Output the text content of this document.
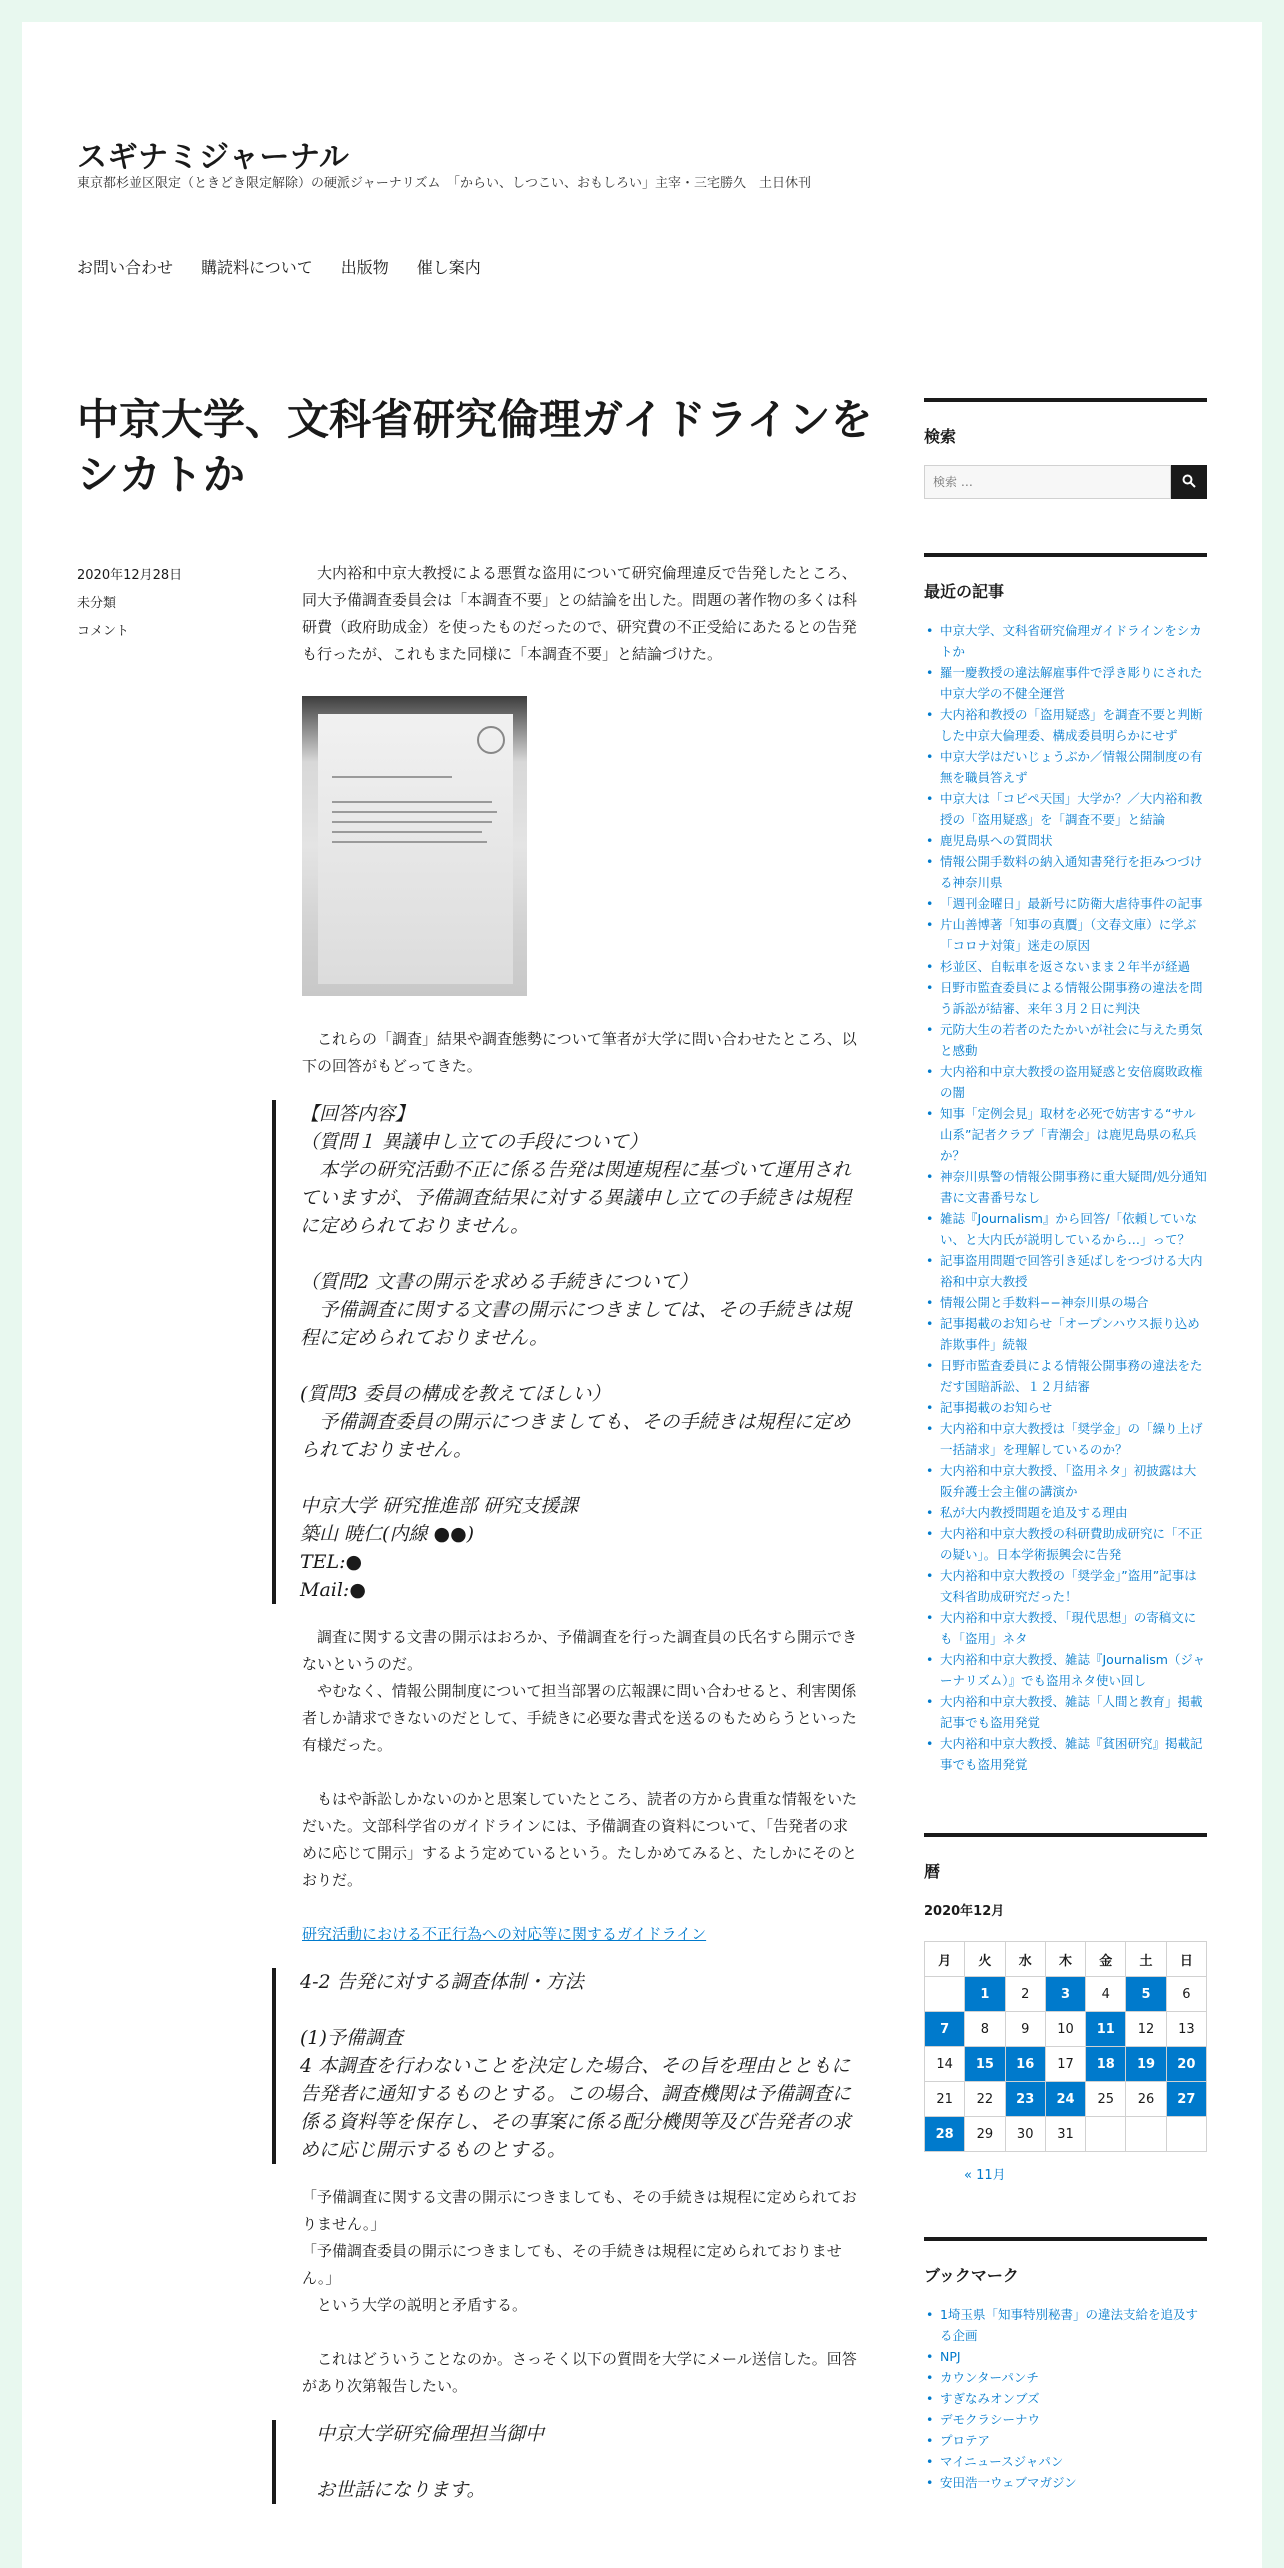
スギナミジャーナル
東京都杉並区限定（ときどき限定解除）の硬派ジャーナリズム　「からい、しつこい、おもしろい」主宰・三宅勝久　土日休刊
お問い合わせ 購読料について 出版物 催し案内
中京大学、文科省研究倫理ガイドラインをシカトか
2020年12月28日
未分類
コメント

　大内裕和中京大教授による悪質な盗用について研究倫理違反で告発したところ、同大予備調査委員会は「本調査不要」との結論を出した。問題の著作物の多くは科研費（政府助成金）を使ったものだったので、研究費の不正受給にあたるとの告発も行ったが、これもまた同様に「本調査不要」と結論づけた。

　これらの「調査」結果や調査態勢について筆者が大学に問い合わせたところ、以下の回答がもどってきた。

【回答内容】

（質問１ 異議申し立ての手段について）

　本学の研究活動不正に係る告発は関連規程に基づいて運用されていますが、予備調査結果に対する異議申し立ての手続きは規程に定められておりません。

（質問2 文書の開示を求める手続きについて）

　予備調査に関する文書の開示につきましては、その手続きは規程に定められておりません。

(質問3 委員の構成を教えてほしい）

　予備調査委員の開示につきましても、その手続きは規程に定められておりません。

中京大学 研究推進部 研究支援課

築山 暁仁(内線 ●●)

TEL:●

Mail:●

　調査に関する文書の開示はおろか、予備調査を行った調査員の氏名すら開示できないというのだ。

　やむなく、情報公開制度について担当部署の広報課に問い合わせると、利害関係者しか請求できないのだとして、手続きに必要な書式を送るのもためらうといった有様だった。

　もはや訴訟しかないのかと思案していたところ、読者の方から貴重な情報をいただいた。文部科学省のガイドラインには、予備調査の資料について、「告発者の求めに応じて開示」するよう定めているという。たしかめてみると、たしかにそのとおりだ。

研究活動における不正行為への対応等に関するガイドライン

4-2 告発に対する調査体制・方法

(1)予備調査

4 本調査を行わないことを決定した場合、その旨を理由とともに告発者に通知するものとする。この場合、調査機関は予備調査に係る資料等を保存し、その事案に係る配分機関等及び告発者の求めに応じ開示するものとする。

「予備調査に関する文書の開示につきましても、その手続きは規程に定められておりません。」

「予備調査委員の開示につきましても、その手続きは規程に定められておりません。」

　という大学の説明と矛盾する。

　これはどういうことなのか。さっそく以下の質問を大学にメール送信した。回答があり次第報告したい。

中京大学研究倫理担当御中

お世話になります。

検索
検索 …
最近の記事
• 中京大学、文科省研究倫理ガイドラインをシカトか
• 羅一慶教授の違法解雇事件で浮き彫りにされた中京大学の不健全運営
• 大内裕和教授の「盗用疑惑」を調査不要と判断した中京大倫理委、構成委員明らかにせず
• 中京大学はだいじょうぶか／情報公開制度の有無を職員答えず
• 中京大は「コピペ天国」大学か？／大内裕和教授の「盗用疑惑」を「調査不要」と結論
• 鹿児島県への質問状
• 情報公開手数料の納入通知書発行を拒みつづける神奈川県
• 「週刊金曜日」最新号に防衛大虐待事件の記事
• 片山善博著「知事の真贋」（文春文庫）に学ぶ「コロナ対策」迷走の原因
• 杉並区、自転車を返さないまま２年半が経過
• 日野市監査委員による情報公開事務の違法を問う訴訟が結審、来年３月２日に判決
• 元防大生の若者のたたかいが社会に与えた勇気と感動
• 大内裕和中京大教授の盗用疑惑と安倍腐敗政権の闇
• 知事「定例会見」取材を必死で妨害する“サル山系”記者クラブ「青潮会」は鹿児島県の私兵か？
• 神奈川県警の情報公開事務に重大疑問/処分通知書に文書番号なし
• 雑誌『Journalism』から回答/「依頼していない、と大内氏が説明しているから…」って？
• 記事盗用問題で回答引き延ばしをつづける大内裕和中京大教授
• 情報公開と手数料−−神奈川県の場合
• 記事掲載のお知らせ「オープンハウス振り込め詐欺事件」続報
• 日野市監査委員による情報公開事務の違法をただす国賠訴訟、１２月結審
• 記事掲載のお知らせ
• 大内裕和中京大教授は「奨学金」の「繰り上げ一括請求」を理解しているのか？
• 大内裕和中京大教授、「盗用ネタ」初披露は大阪弁護士会主催の講演か
• 私が大内教授問題を追及する理由
• 大内裕和中京大教授の科研費助成研究に「不正の疑い」。日本学術振興会に告発
• 大内裕和中京大教授の「奨学金」”盗用”記事は文科省助成研究だった！
• 大内裕和中京大教授、「現代思想」の寄稿文にも「盗用」ネタ
• 大内裕和中京大教授、雑誌『Journalism（ジャーナリズム）』でも盗用ネタ使い回し
• 大内裕和中京大教授、雑誌「人間と教育」掲載記事でも盗用発覚
• 大内裕和中京大教授、雑誌『貧困研究』掲載記事でも盗用発覚
暦
2020年12月
月	火	水	木	金	土	日
	1	2	3	4	5	6
7	8	9	10	11	12	13
14	15	16	17	18	19	20
21	22	23	24	25	26	27
28	29	30	31			
« 11月
ブックマーク
• 1埼玉県「知事特別秘書」の違法支給を追及する企画
• NPJ
• カウンターパンチ
• すぎなみオンブズ
• デモクラシーナウ
• プロテア
• マイニュースジャパン
• 安田浩一ウェブマガジン
